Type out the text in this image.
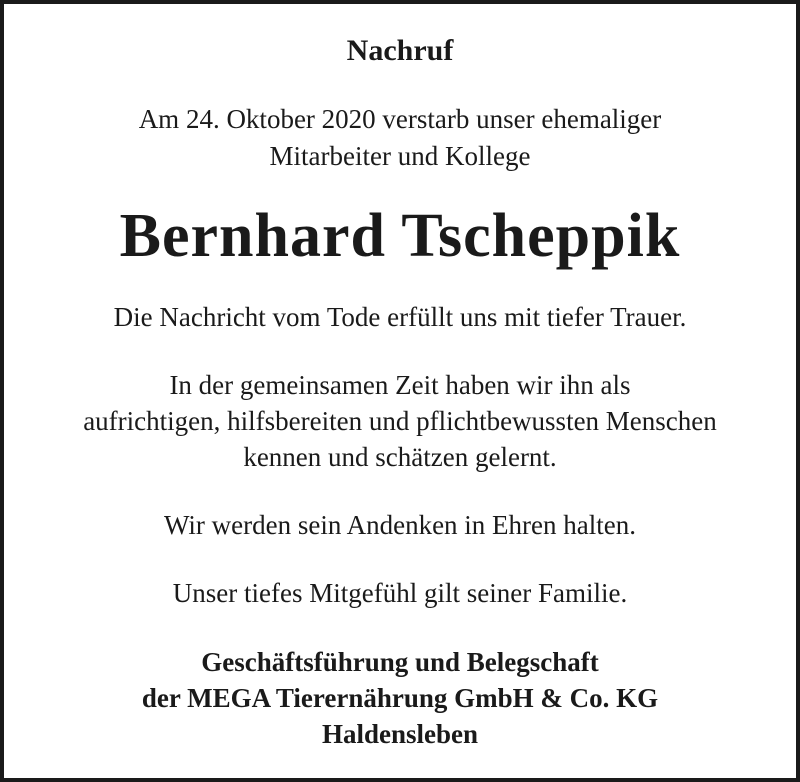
Nachruf
Am 24. Oktober 2020 verstarb unser ehemaliger
Mitarbeiter und Kollege
Bernhard Tscheppik
Die Nachricht vom Tode erfüllt uns mit tiefer Trauer.
In der gemeinsamen Zeit haben wir ihn als
aufrichtigen, hilfsbereiten und pflichtbewussten Menschen
kennen und schätzen gelernt.
Wir werden sein Andenken in Ehren halten.
Unser tiefes Mitgefühl gilt seiner Familie.
Geschäftsführung und Belegschaft
der MEGA Tierernährung GmbH & Co. KG
Haldensleben
